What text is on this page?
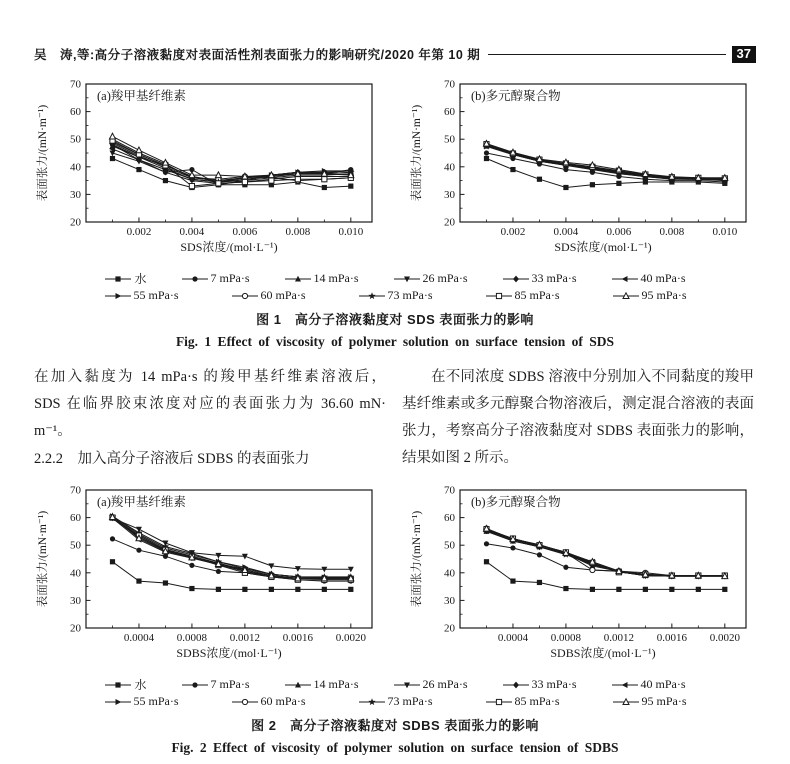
吴　涛,等:高分子溶液黏度对表面活性剂表面张力的影响研究/2020 年第 10 期	37
20
30
40
50
60
70
0.002	0.004	0.006	0.008	0.010
SDS浓度/(mol·L⁻¹)
表面张力/(mN·m⁻¹)
(a)羧甲基纤维素
20
30
40
50
60
70
0.002	0.004	0.006	0.008	0.010
SDS浓度/(mol·L⁻¹)
表面张力/(mN·m⁻¹)
(b)多元醇聚合物
水	7 mPa·s	14 mPa·s	26 mPa·s	33 mPa·s	40 mPa·s
55 mPa·s	60 mPa·s	73 mPa·s	85 mPa·s	95 mPa·s
图 1　高分子溶液黏度对 SDS 表面张力的影响
Fig. 1 Effect of viscosity of polymer solution on surface tension of SDS
在加入黏度为 14 mPa·s 的羧甲基纤维素溶液后，
SDS 在临界胶束浓度对应的表面张力为 36.60 mN·
m⁻¹。
2.2.2　加入高分子溶液后 SDBS 的表面张力

在不同浓度 SDBS 溶液中分别加入不同黏度的羧甲基纤维素或多元醇聚合物溶液后，测定混合溶液的表面张力，考察高分子溶液黏度对 SDBS 表面张力的影响，结果如图 2 所示。

20
30
40
50
60
70
0.0004 0.0008 0.0012 0.0016 0.0020
SDBS浓度/(mol·L⁻¹)
表面张力/(mN·m⁻¹)
(a)羧甲基纤维素
20
30
40
50
60
70
0.0004 0.0008 0.0012 0.0016 0.0020
SDBS浓度/(mol·L⁻¹)
表面张力/(mN·m⁻¹)
(b)多元醇聚合物
水	7 mPa·s	14 mPa·s	26 mPa·s	33 mPa·s	40 mPa·s
55 mPa·s	60 mPa·s	73 mPa·s	85 mPa·s	95 mPa·s
图 2　高分子溶液黏度对 SDBS 表面张力的影响
Fig. 2 Effect of viscosity of polymer solution on surface tension of SDBS
